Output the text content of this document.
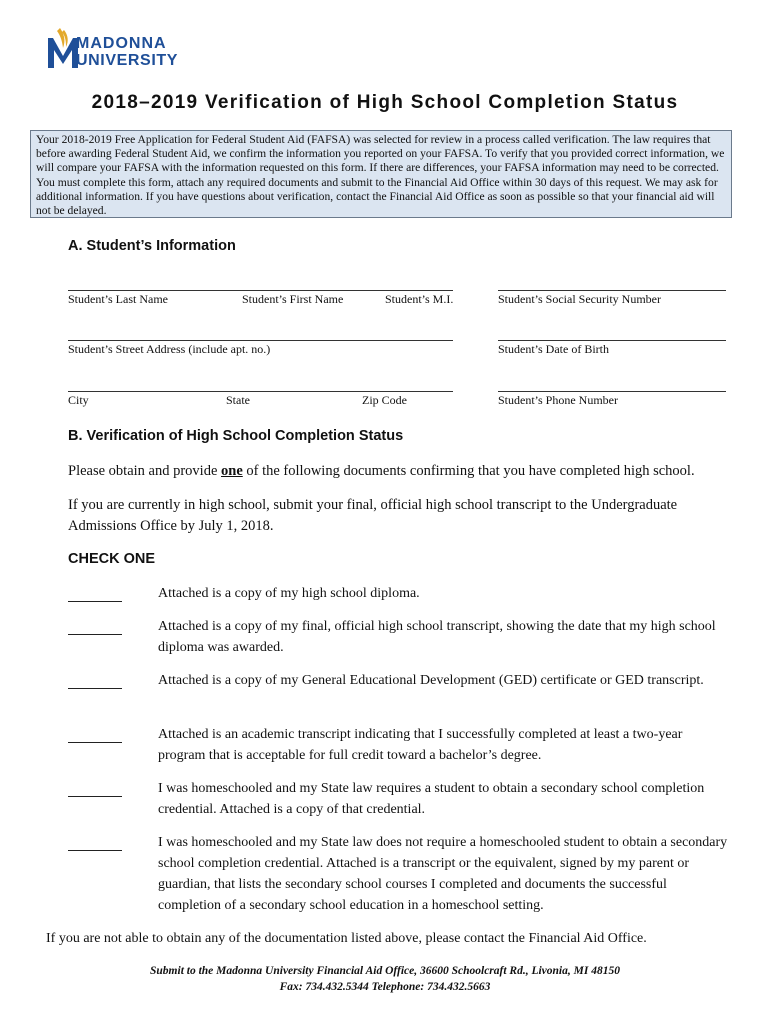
MADONNA
UNIVERSITY
2018–2019 Verification of High School Completion Status
Your 2018-2019 Free Application for Federal Student Aid (FAFSA) was selected for review in a process called verification. The law requires that before awarding Federal Student Aid, we confirm the information you reported on your FAFSA. To verify that you provided correct information, we will compare your FAFSA with the information requested on this form. If there are differences, your FAFSA information may need to be corrected. You must complete this form, attach any required documents and submit to the Financial Aid Office within 30 days of this request. We may ask for additional information. If you have questions about verification, contact the Financial Aid Office as soon as possible so that your financial aid will not be delayed.
A. Student’s Information
Student’s Last Name	Student’s First Name	Student’s M.I.	Student’s Social Security Number
Student’s Street Address (include apt. no.)	Student’s Date of Birth
City	State	Zip Code	Student’s Phone Number
B. Verification of High School Completion Status
Please obtain and provide one of the following documents confirming that you have completed high school.
If you are currently in high school, submit your final, official high school transcript to the Undergraduate Admissions Office by July 1, 2018.
CHECK ONE
Attached is a copy of my high school diploma.
Attached is a copy of my final, official high school transcript, showing the date that my high school diploma was awarded.
Attached is a copy of my General Educational Development (GED) certificate or GED transcript.
Attached is an academic transcript indicating that I successfully completed at least a two-year program that is acceptable for full credit toward a bachelor’s degree.
I was homeschooled and my State law requires a student to obtain a secondary school completion credential. Attached is a copy of that credential.
I was homeschooled and my State law does not require a homeschooled student to obtain a secondary school completion credential. Attached is a transcript or the equivalent, signed by my parent or guardian, that lists the secondary school courses I completed and documents the successful completion of a secondary school education in a homeschool setting.
If you are not able to obtain any of the documentation listed above, please contact the Financial Aid Office.
Submit to the Madonna University Financial Aid Office, 36600 Schoolcraft Rd., Livonia, MI 48150
Fax: 734.432.5344 Telephone: 734.432.5663
